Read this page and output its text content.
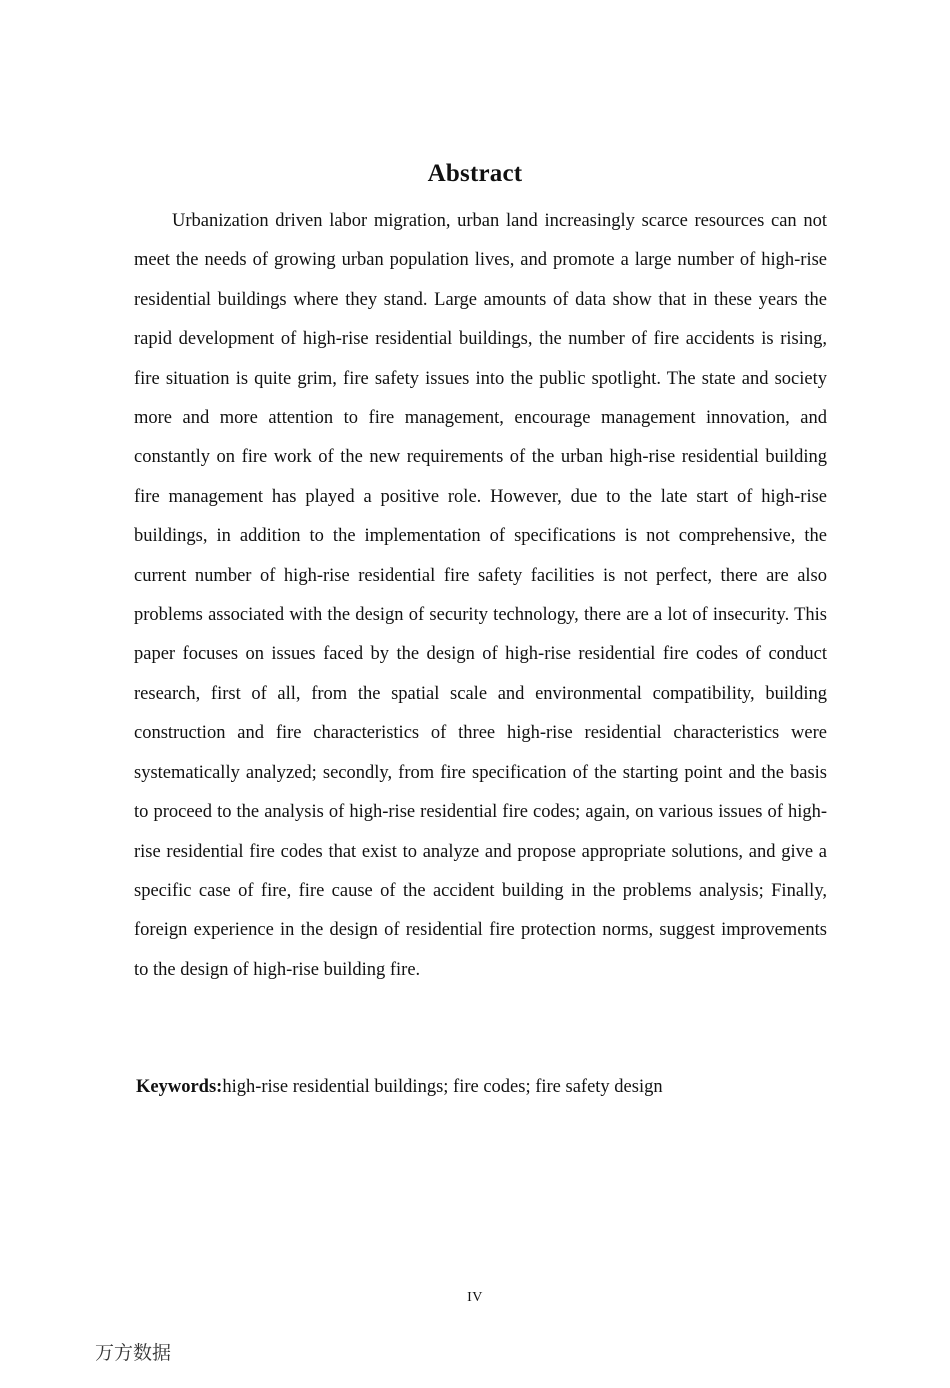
Abstract

Urbanization driven labor migration, urban land increasingly scarce resources can not meet the needs of growing urban population lives, and promote a large number of high-rise residential buildings where they stand. Large amounts of data show that in these years the rapid development of high-rise residential buildings, the number of fire accidents is rising, fire situation is quite grim, fire safety issues into the public spotlight. The state and society more and more attention to fire management, encourage management innovation, and constantly on fire work of the new requirements of the urban high-rise residential building fire management has played a positive role. However, due to the late start of high-rise buildings, in addition to the implementation of specifications is not comprehensive, the current number of high-rise residential fire safety facilities is not perfect, there are also problems associated with the design of security technology, there are a lot of insecurity. This paper focuses on issues faced by the design of high-rise residential fire codes of conduct research, first of all, from the spatial scale and environmental compatibility, building construction and fire characteristics of three high-rise residential characteristics were systematically analyzed; secondly, from fire specification of the starting point and the basis to proceed to the analysis of high-rise residential fire codes; again, on various issues of high-rise residential fire codes that exist to analyze and propose appropriate solutions, and give a specific case of fire, fire cause of the accident building in the problems analysis; Finally, foreign experience in the design of residential fire protection norms, suggest improvements to the design of high-rise building fire.

Keywords:high-rise residential buildings; fire codes; fire safety design

IV
万方数据
